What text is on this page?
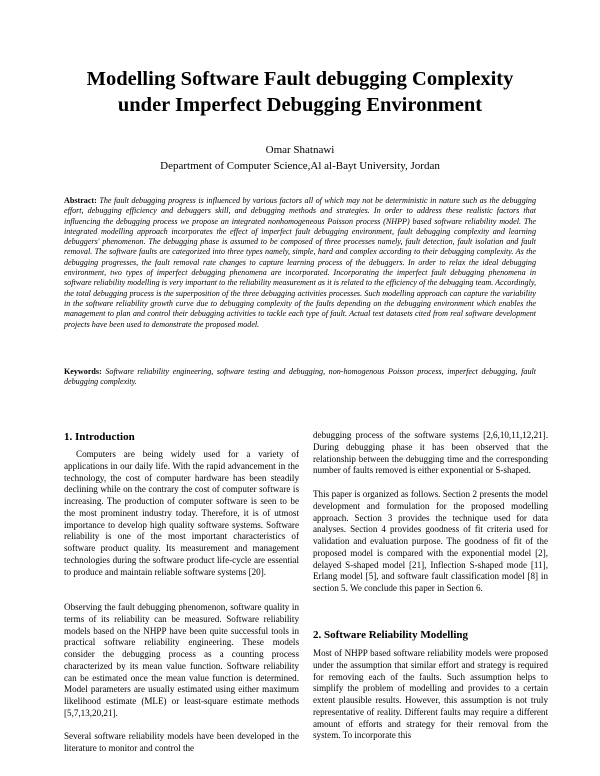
Modelling Software Fault debugging Complexity
under Imperfect Debugging Environment
Omar Shatnawi
Department of Computer Science,Al al-Bayt University, Jordan
Abstract: The fault debugging progress is influenced by various factors all of which may not be deterministic in nature such as the debugging effort, debugging efficiency and debuggers skill, and debugging methods and strategies. In order to address these realistic factors that influencing the debugging process we propose an integrated nonhomogeneous Poisson process (NHPP) based software reliability model. The integrated modelling approach incorporates the effect of imperfect fault debugging environment, fault debugging complexity and learning debuggers' phenomenon. The debugging phase is assumed to be composed of three processes namely, fault detection, fault isolation and fault removal. The software faults are categorized into three types namely, simple, hard and complex according to their debugging complexity. As the debugging progresses, the fault removal rate changes to capture learning process of the debuggers. In order to relax the ideal debugging environment, two types of imperfect debugging phenomena are incorporated. Incorporating the imperfect fault debugging phenomena in software reliability modelling is very important to the reliability measurement as it is related to the efficiency of the debugging team. Accordingly, the total debugging process is the superposition of the three debugging activities processes. Such modelling approach can capture the variability in the software reliability growth curve due to debugging complexity of the faults depending on the debugging environment which enables the management to plan and control their debugging activities to tackle each type of fault. Actual test datasets cited from real software development projects have been used to demonstrate the proposed model.
Keywords: Software reliability engineering, software testing and debugging, non-homogenous Poisson process, imperfect debugging, fault debugging complexity.
1. Introduction

Computers are being widely used for a variety of applications in our daily life. With the rapid advancement in the technology, the cost of computer hardware has been steadily declining while on the contrary the cost of computer software is increasing. The production of computer software is seen to be the most prominent industry today. Therefore, it is of utmost importance to develop high quality software systems. Software reliability is one of the most important characteristics of software product quality. Its measurement and management technologies during the software product life-cycle are essential to produce and maintain reliable software systems [20].

Observing the fault debugging phenomenon, software quality in terms of its reliability can be measured. Software reliability models based on the NHPP have been quite successful tools in practical software reliability engineering. These models consider the debugging process as a counting process characterized by its mean value function. Software reliability can be estimated once the mean value function is determined. Model parameters are usually estimated using either maximum likelihood estimate (MLE) or least-square estimate methods [5,7,13,20,21].

Several software reliability models have been developed in the literature to monitor and control the

debugging process of the software systems [2,6,10,11,12,21]. During debugging phase it has been observed that the relationship between the debugging time and the corresponding number of faults removed is either exponential or S-shaped.

This paper is organized as follows. Section 2 presents the model development and formulation for the proposed modelling approach. Section 3 provides the technique used for data analyses. Section 4 provides goodness of fit criteria used for validation and evaluation purpose. The goodness of fit of the proposed model is compared with the exponential model [2], delayed S-shaped model [21], Inflection S-shaped mode [11], Erlang model [5], and software fault classification model [8] in section 5. We conclude this paper in Section 6.

2. Software Reliability Modelling

Most of NHPP based software reliability models were proposed under the assumption that similar effort and strategy is required for removing each of the faults. Such assumption helps to simplify the problem of modelling and provides to a certain extent plausible results. However, this assumption is not truly representative of reality. Different faults may require a different amount of efforts and strategy for their removal from the system. To incorporate this
